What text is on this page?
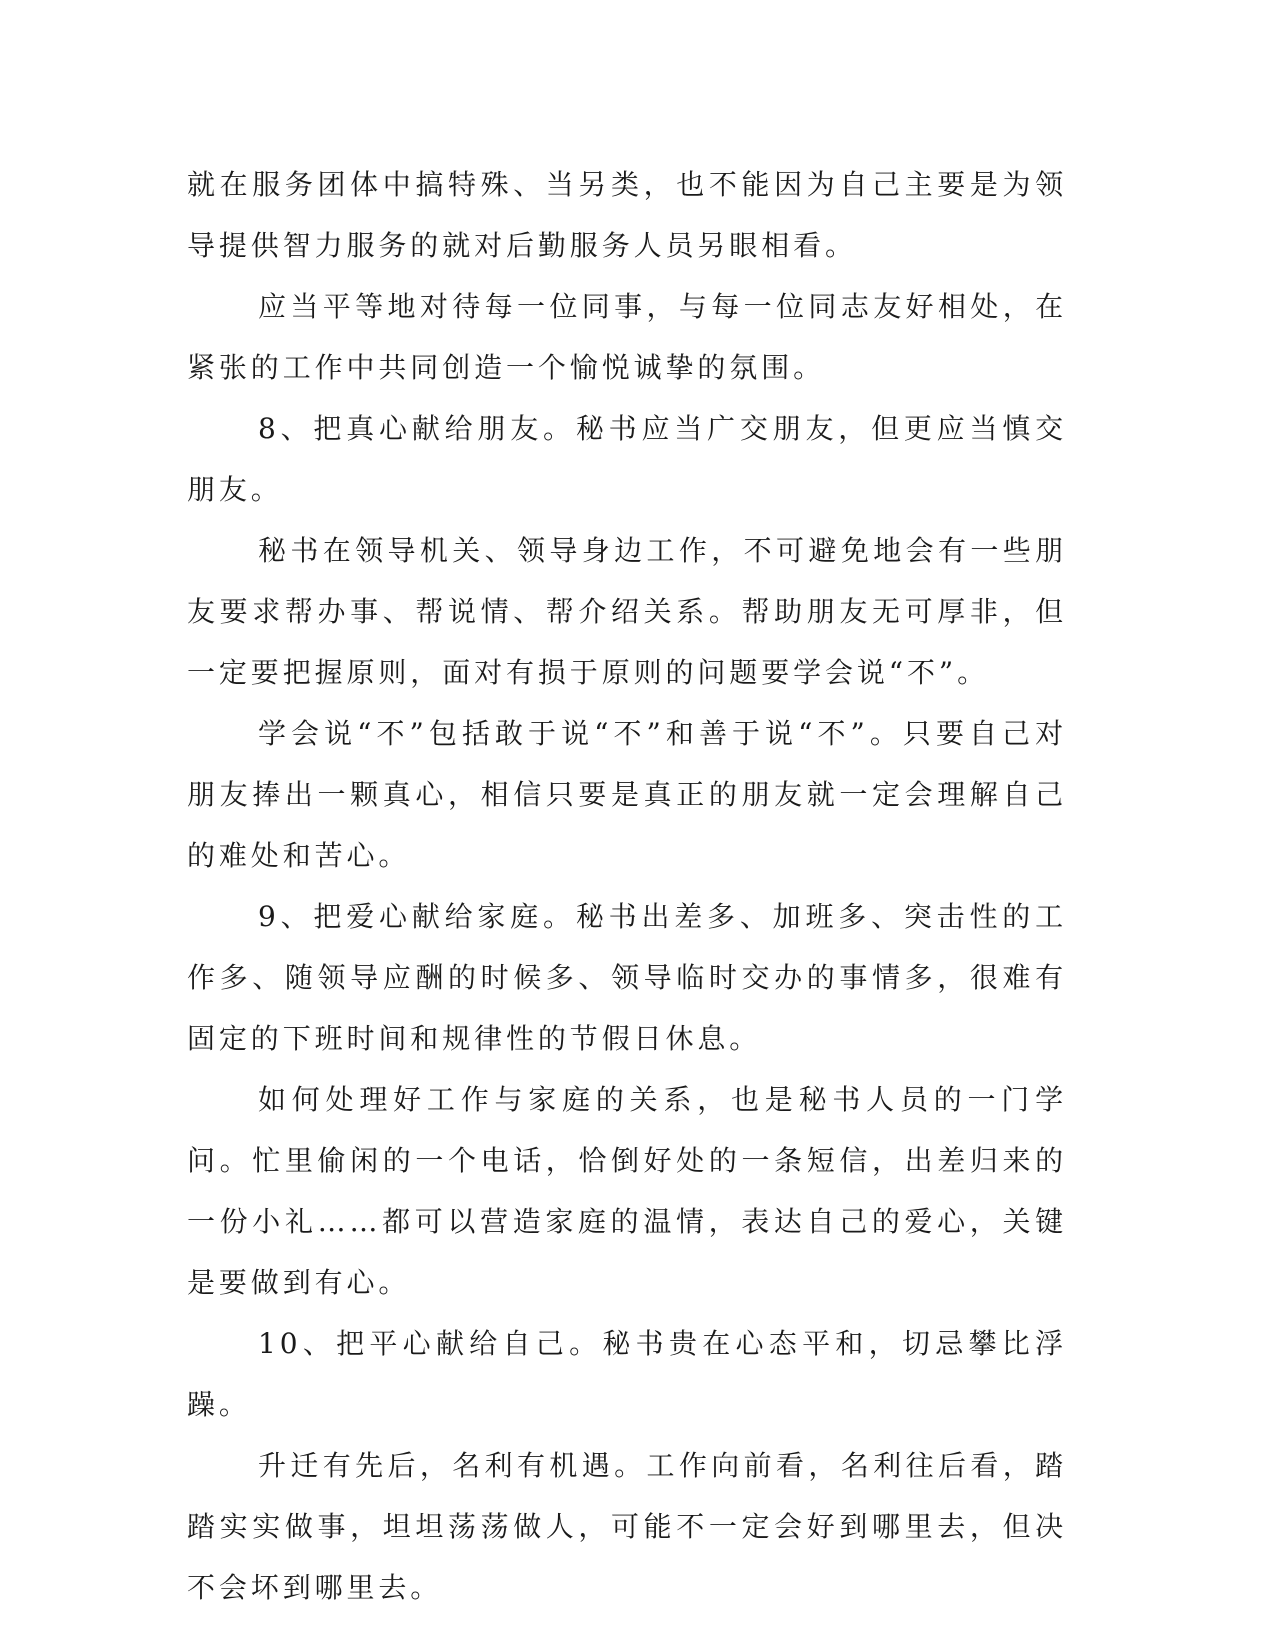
就在服务团体中搞特殊、当另类，也不能因为自己主要是为领导提供智力服务的就对后勤服务人员另眼相看。

应当平等地对待每一位同事，与每一位同志友好相处，在紧张的工作中共同创造一个愉悦诚挚的氛围。

8、把真心献给朋友。秘书应当广交朋友，但更应当慎交朋友。

秘书在领导机关、领导身边工作，不可避免地会有一些朋友要求帮办事、帮说情、帮介绍关系。帮助朋友无可厚非，但一定要把握原则，面对有损于原则的问题要学会说“不”。

学会说“不”包括敢于说“不”和善于说“不”。只要自己对朋友捧出一颗真心，相信只要是真正的朋友就一定会理解自己的难处和苦心。

9、把爱心献给家庭。秘书出差多、加班多、突击性的工作多、随领导应酬的时候多、领导临时交办的事情多，很难有固定的下班时间和规律性的节假日休息。

如何处理好工作与家庭的关系，也是秘书人员的一门学问。忙里偷闲的一个电话，恰倒好处的一条短信，出差归来的一份小礼……都可以营造家庭的温情，表达自己的爱心，关键是要做到有心。

10、把平心献给自己。秘书贵在心态平和，切忌攀比浮躁。

升迁有先后，名利有机遇。工作向前看，名利往后看，踏踏实实做事，坦坦荡荡做人，可能不一定会好到哪里去，但决不会坏到哪里去。
